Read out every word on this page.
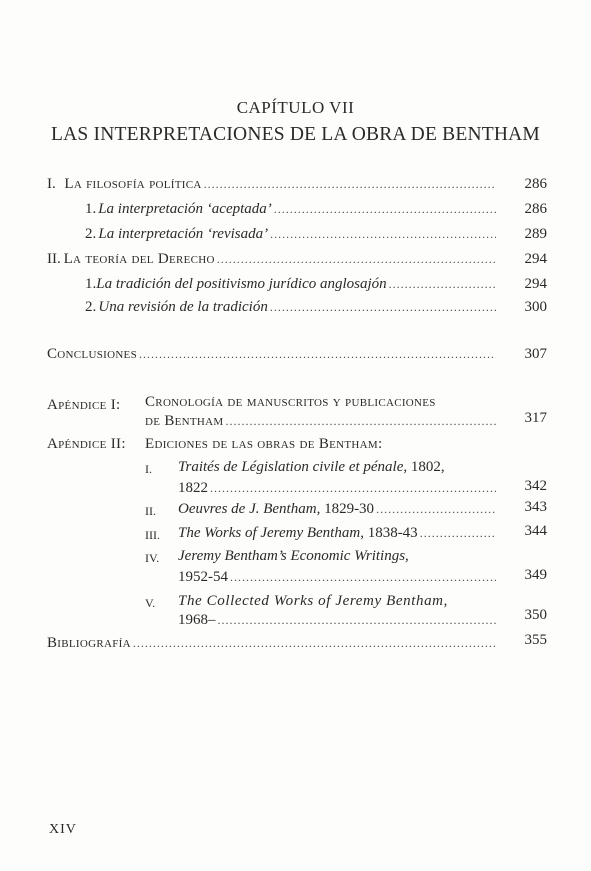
CAPÍTULO VII
LAS INTERPRETACIONES DE LA OBRA DE BENTHAM
I. La filosofía política .....	286
1. La interpretación ‘aceptada’ .....	286
2. La interpretación ‘revisada’ .....	289
II. La teoría del Derecho .....	294
1. La tradición del positivismo jurídico anglosajón .....	294
2. Una revisión de la tradición .....	300
Conclusiones .....	307
Apéndice I: Cronología de manuscritos y publicaciones
de Bentham .....	317
Apéndice II: Ediciones de las obras de Bentham:
I. Traités de Législation civile et pénale, 1802,
1822 .....	342
II. Oeuvres de J. Bentham, 1829-30 .....	343
III. The Works of Jeremy Bentham, 1838-43 .....	344
IV. Jeremy Bentham’s Economic Writings,
1952-54 .....	349
V. The Collected Works of Jeremy Bentham,
1968– .....	350
Bibliografía .....	355
XIV
